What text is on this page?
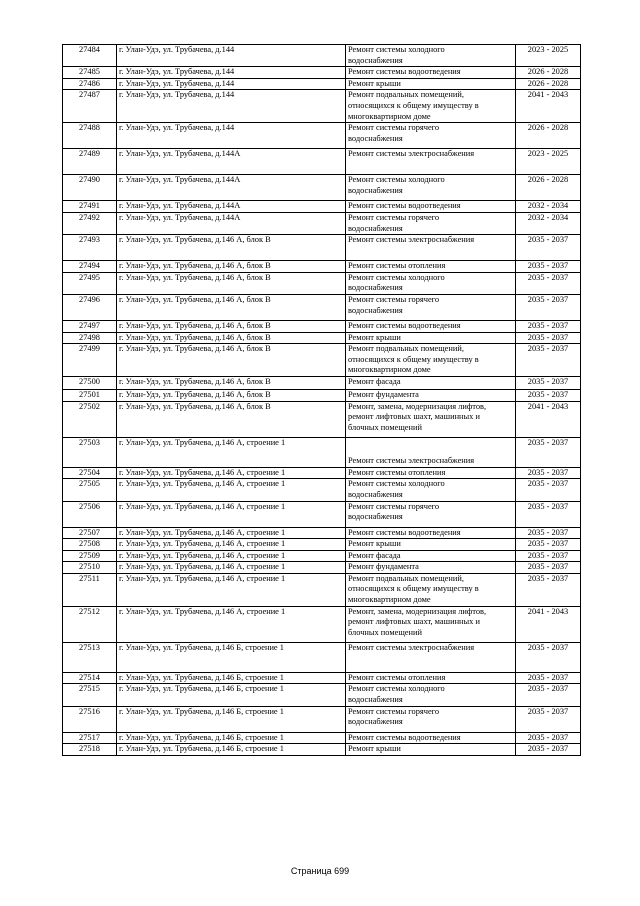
27484	г. Улан-Удэ, ул. Трубачева, д.144	Ремонт системы холодного
водоснабжения	2023 - 2025
27485	г. Улан-Удэ, ул. Трубачева, д.144	Ремонт системы водоотведения	2026 - 2028
27486	г. Улан-Удэ, ул. Трубачева, д.144	Ремонт крыши	2026 - 2028
27487	г. Улан-Удэ, ул. Трубачева, д.144	Ремонт подвальных помещений,
относящихся к общему имуществу в
многоквартирном доме	2041 - 2043
27488	г. Улан-Удэ, ул. Трубачева, д.144	Ремонт системы горячего
водоснабжения	2026 - 2028
27489	г. Улан-Удэ, ул. Трубачева, д.144А	Ремонт системы электроснабжения	2023 - 2025
27490	г. Улан-Удэ, ул. Трубачева, д.144А	Ремонт системы холодного
водоснабжения	2026 - 2028
27491	г. Улан-Удэ, ул. Трубачева, д.144А	Ремонт системы водоотведения	2032 - 2034
27492	г. Улан-Удэ, ул. Трубачева, д.144А	Ремонт системы горячего
водоснабжения	2032 - 2034
27493	г. Улан-Удэ, ул. Трубачева, д.146 А, блок В	Ремонт системы электроснабжения	2035 - 2037
27494	г. Улан-Удэ, ул. Трубачева, д.146 А, блок В	Ремонт системы отопления	2035 - 2037
27495	г. Улан-Удэ, ул. Трубачева, д.146 А, блок В	Ремонт системы холодного
водоснабжения	2035 - 2037
27496	г. Улан-Удэ, ул. Трубачева, д.146 А, блок В	Ремонт системы горячего
водоснабжения	2035 - 2037
27497	г. Улан-Удэ, ул. Трубачева, д.146 А, блок В	Ремонт системы водоотведения	2035 - 2037
27498	г. Улан-Удэ, ул. Трубачева, д.146 А, блок В	Ремонт крыши	2035 - 2037
27499	г. Улан-Удэ, ул. Трубачева, д.146 А, блок В	Ремонт подвальных помещений,
относящихся к общему имуществу в
многоквартирном доме	2035 - 2037
27500	г. Улан-Удэ, ул. Трубачева, д.146 А, блок В	Ремонт фасада	2035 - 2037
27501	г. Улан-Удэ, ул. Трубачева, д.146 А, блок В	Ремонт фундамента	2035 - 2037
27502	г. Улан-Удэ, ул. Трубачева, д.146 А, блок В	Ремонт, замена, модернизация лифтов,
ремонт лифтовых шахт, машинных и
блочных помещений	2041 - 2043
27503	г. Улан-Удэ, ул. Трубачева, д.146 А, строение 1	Ремонт системы электроснабжения	2035 - 2037
27504	г. Улан-Удэ, ул. Трубачева, д.146 А, строение 1	Ремонт системы отопления	2035 - 2037
27505	г. Улан-Удэ, ул. Трубачева, д.146 А, строение 1	Ремонт системы холодного
водоснабжения	2035 - 2037
27506	г. Улан-Удэ, ул. Трубачева, д.146 А, строение 1	Ремонт системы горячего
водоснабжения	2035 - 2037
27507	г. Улан-Удэ, ул. Трубачева, д.146 А, строение 1	Ремонт системы водоотведения	2035 - 2037
27508	г. Улан-Удэ, ул. Трубачева, д.146 А, строение 1	Ремонт крыши	2035 - 2037
27509	г. Улан-Удэ, ул. Трубачева, д.146 А, строение 1	Ремонт фасада	2035 - 2037
27510	г. Улан-Удэ, ул. Трубачева, д.146 А, строение 1	Ремонт фундамента	2035 - 2037
27511	г. Улан-Удэ, ул. Трубачева, д.146 А, строение 1	Ремонт подвальных помещений,
относящихся к общему имуществу в
многоквартирном доме	2035 - 2037
27512	г. Улан-Удэ, ул. Трубачева, д.146 А, строение 1	Ремонт, замена, модернизация лифтов,
ремонт лифтовых шахт, машинных и
блочных помещений	2041 - 2043
27513	г. Улан-Удэ, ул. Трубачева, д.146 Б, строение 1	Ремонт системы электроснабжения	2035 - 2037
27514	г. Улан-Удэ, ул. Трубачева, д.146 Б, строение 1	Ремонт системы отопления	2035 - 2037
27515	г. Улан-Удэ, ул. Трубачева, д.146 Б, строение 1	Ремонт системы холодного
водоснабжения	2035 - 2037
27516	г. Улан-Удэ, ул. Трубачева, д.146 Б, строение 1	Ремонт системы горячего
водоснабжения	2035 - 2037
27517	г. Улан-Удэ, ул. Трубачева, д.146 Б, строение 1	Ремонт системы водоотведения	2035 - 2037
27518	г. Улан-Удэ, ул. Трубачева, д.146 Б, строение 1	Ремонт крыши	2035 - 2037
Страница 699
